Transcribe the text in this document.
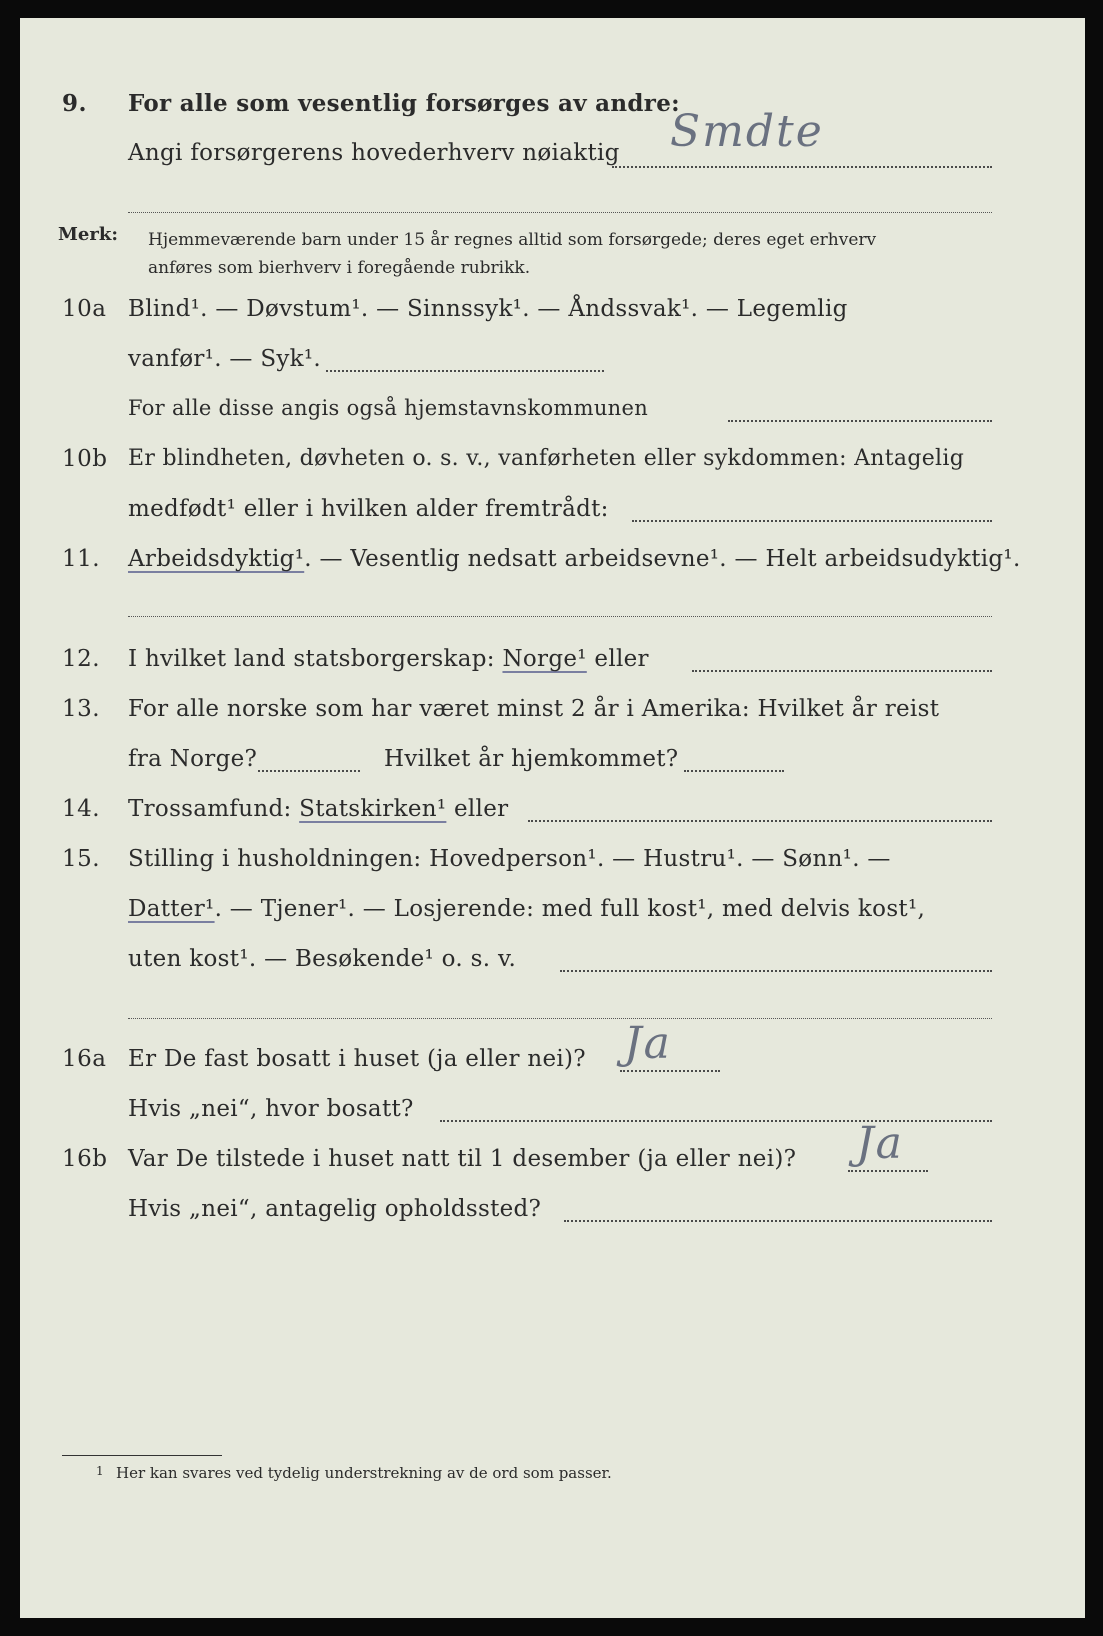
9. For alle som vesentlig forsørges av andre:
Angi forsørgerens hovederhverv nøiaktig Smdte
Merk: Hjemmeværende barn under 15 år regnes alltid som forsørgede; deres eget erhverv
anføres som bierhverv i foregående rubrikk.
10a Blind¹. — Døvstum¹. — Sinnssyk¹. — Åndssvak¹. — Legemlig
vanfør¹. — Syk¹.
For alle disse angis også hjemstavnskommunen
10b Er blindheten, døvheten o. s. v., vanførheten eller sykdommen: Antagelig
medfødt¹ eller i hvilken alder fremtrådt:
11. Arbeidsdyktig¹. — Vesentlig nedsatt arbeidsevne¹. — Helt arbeidsudyktig¹.
12. I hvilket land statsborgerskap: Norge¹ eller
13. For alle norske som har været minst 2 år i Amerika: Hvilket år reist
fra Norge?	Hvilket år hjemkommet?
14. Trossamfund: Statskirken¹ eller
15. Stilling i husholdningen: Hovedperson¹. — Hustru¹. — Sønn¹. —
Datter¹. — Tjener¹. — Losjerende: med full kost¹, med delvis kost¹,
uten kost¹. — Besøkende¹ o. s. v.
16a Er De fast bosatt i huset (ja eller nei)? Ja
Hvis „nei“, hvor bosatt?
16b Var De tilstede i huset natt til 1 desember (ja eller nei)? Ja
Hvis „nei“, antagelig opholdssted?
1 Her kan svares ved tydelig understrekning av de ord som passer.
